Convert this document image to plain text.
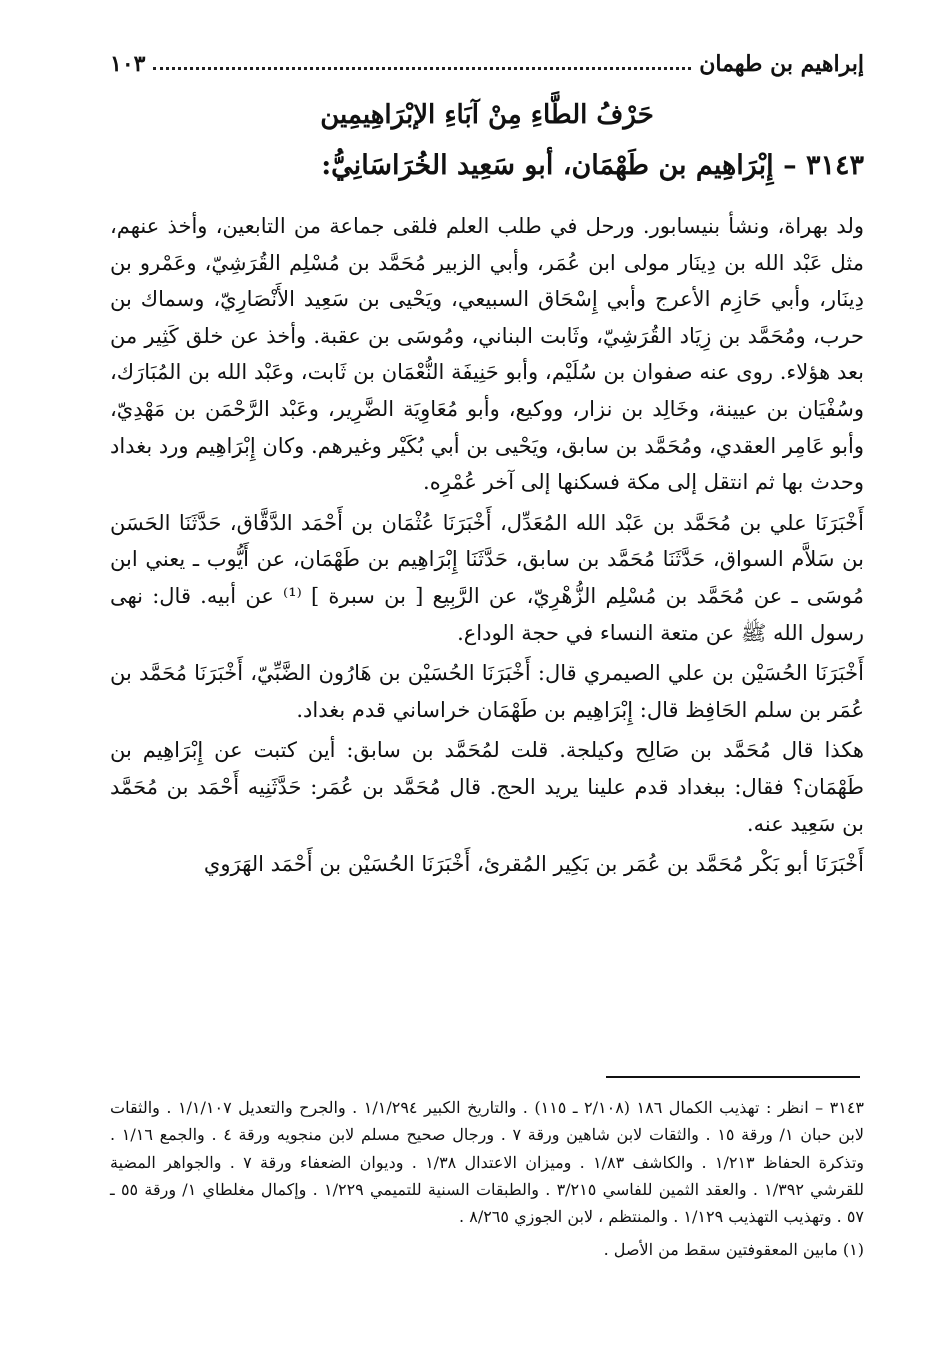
إبراهيم بن طهمان
١٠٣
حَرْفُ الطَّاءِ مِنْ آبَاءِ الإبْرَاهِيمِين
٣١٤٣ – إِبْرَاهِيم بن طَهْمَان، أبو سَعِيد الخُرَاسَانِيُّ:

ولد بهراة، ونشأ بنيسابور. ورحل في طلب العلم فلقى جماعة من التابعين، وأخذ عنهم، مثل عَبْد الله بن دِينَار مولى ابن عُمَر، وأبي الزبير مُحَمَّد بن مُسْلِم القُرَشِيّ، وعَمْرو بن دِينَار، وأبي حَازِم الأعرج وأبي إِسْحَاق السبيعي، ويَحْيى بن سَعِيد الأَنْصَارِيّ، وسماك بن حرب، ومُحَمَّد بن زِيَاد القُرَشِيّ، وثَابت البناني، ومُوسَى بن عقبة. وأخذ عن خلق كَثِير من بعد هؤلاء. روى عنه صفوان بن سُلَيْم، وأبو حَنِيفَة النُّعْمَان بن ثَابت، وعَبْد الله بن المُبَارَك، وسُفْيَان بن عيينة، وخَالِد بن نزار، ووكيع، وأبو مُعَاوِيَة الضَّرِير، وعَبْد الرَّحْمَن بن مَهْدِيّ، وأبو عَامِر العقدي، ومُحَمَّد بن سابق، ويَحْيى بن أبي بُكَيْر وغيرهم. وكان إِبْرَاهِيم ورد بغداد وحدث بها ثم انتقل إلى مكة فسكنها إلى آخر عُمْرِه.

أَخْبَرَنَا علي بن مُحَمَّد بن عَبْد الله المُعَدِّل، أَخْبَرَنَا عُثْمَان بن أَحْمَد الدَّقَّاق، حَدَّثَنَا الحَسَن بن سَلاَّم السواق، حَدَّثَنَا مُحَمَّد بن سابق، حَدَّثَنَا إِبْرَاهِيم بن طَهْمَان، عن أَيُّوب ـ يعني ابن مُوسَى ـ عن مُحَمَّد بن مُسْلِم الزُّهْرِيّ، عن الرَّبِيع [ بن سبرة ] ⁽¹⁾ عن أبيه. قال: نهى رسول الله ﷺ عن متعة النساء في حجة الوداع.

أَخْبَرَنَا الحُسَيْن بن علي الصيمري قال: أَخْبَرَنَا الحُسَيْن بن هَارُون الضَّبِّيّ، أَخْبَرَنَا مُحَمَّد بن عُمَر بن سلم الحَافِظ قال: إِبْرَاهِيم بن طَهْمَان خراساني قدم بغداد.

هكذا قال مُحَمَّد بن صَالِح وكيلجة. قلت لمُحَمَّد بن سابق: أين كتبت عن إِبْرَاهِيم بن طَهْمَان؟ فقال: ببغداد قدم علينا يريد الحج. قال مُحَمَّد بن عُمَر: حَدَّثَنِيه أَحْمَد بن مُحَمَّد بن سَعِيد عنه.

أَخْبَرَنَا أبو بَكْر مُحَمَّد بن عُمَر بن بَكِير المُقرئ، أَخْبَرَنَا الحُسَيْن بن أَحْمَد الهَرَوي

٣١٤٣ – انظر : تهذيب الكمال ١٨٦ (٢/١٠٨ ـ ١١٥) . والتاريخ الكبير ١/١/٢٩٤ . والجرح والتعديل ١/١/١٠٧ . والثقات لابن حبان ١/ ورقة ١٥ . والثقات لابن شاهين ورقة ٧ . ورجال صحيح مسلم لابن منجويه ورقة ٤ . والجمع ١/١٦ . وتذكرة الحفاظ ١/٢١٣ . والكاشف ١/٨٣ . وميزان الاعتدال ١/٣٨ . وديوان الضعفاء ورقة ٧ . والجواهر المضية للقرشي ١/٣٩٢ . والعقد الثمين للفاسي ٣/٢١٥ . والطبقات السنية للتميمي ١/٢٢٩ . وإكمال مغلطاي ١/ ورقة ٥٥ ـ ٥٧ . وتهذيب التهذيب ١/١٢٩ . والمنتظم ، لابن الجوزي ٨/٢٦٥ .

(١) مابين المعقوفتين سقط من الأصل .
